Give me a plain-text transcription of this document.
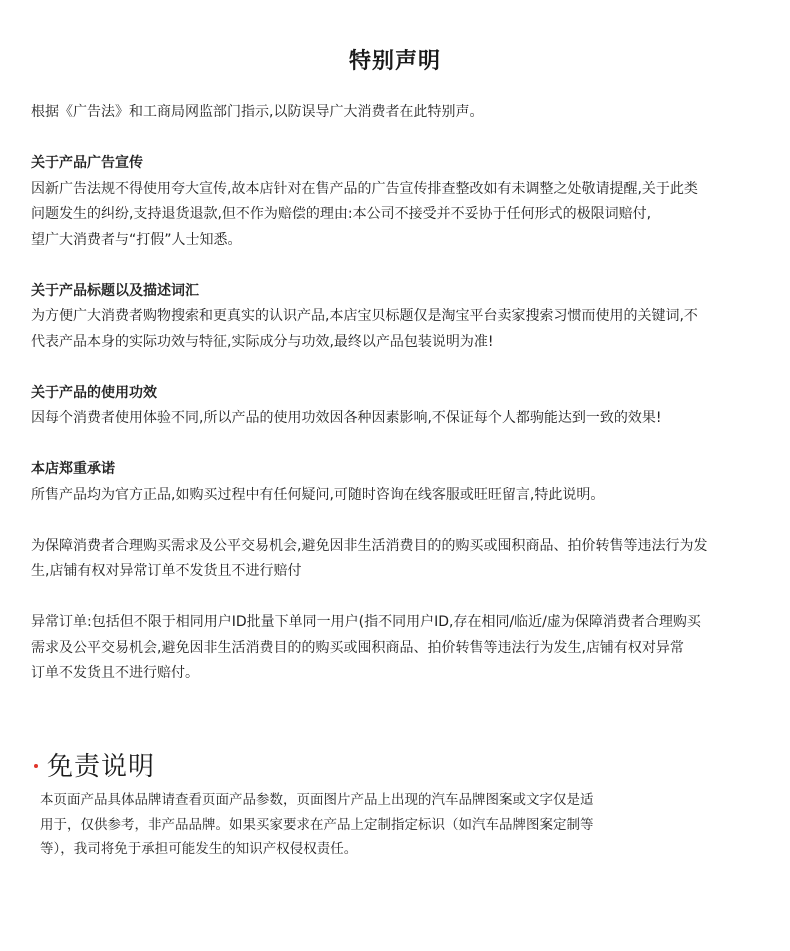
特别声明

根据《广告法》和工商局网监部门指示,以防误导广大消费者在此特别声。

关于产品广告宣传

因新广告法规不得使用夸大宣传,故本店针对在售产品的广告宣传排查整改如有未调整之处敬请提醒,关于此类

问题发生的纠纷,支持退货退款,但不作为赔偿的理由:本公司不接受并不妥协于任何形式的极限词赔付,

望广大消费者与“打假”人士知悉。

关于产品标题以及描述词汇

为方便广大消费者购物搜索和更真实的认识产品,本店宝贝标题仅是淘宝平台卖家搜索习惯而使用的关键词,不

代表产品本身的实际功效与特征,实际成分与功效,最终以产品包装说明为准!

关于产品的使用功效

因每个消费者使用体验不同,所以产品的使用功效因各种因素影响,不保证每个人都驹能达到一致的效果!

本店郑重承诺

所售产品均为官方正品,如购买过程中有任何疑问,可随时咨询在线客服或旺旺留言,特此说明。

为保障消费者合理购买需求及公平交易机会,避免因非生活消费目的的购买或囤积商品、拍价转售等违法行为发

生,店铺有权对异常订单不发货且不进行赔付

异常订单:包括但不限于相同用户ID批量下单同一用户(指不同用户ID,存在相同/临近/虚为保障消费者合理购买

需求及公平交易机会,避免因非生活消费目的的购买或囤积商品、拍价转售等违法行为发生,店铺有权对异常

订单不发货且不进行赔付。

免责说明

本页面产品具体品牌请查看页面产品参数，页面图片产品上出现的汽车品牌图案或文字仅是适

用于，仅供参考，非产品品牌。如果买家要求在产品上定制指定标识（如汽车品牌图案定制等

等），我司将免于承担可能发生的知识产权侵权责任。
